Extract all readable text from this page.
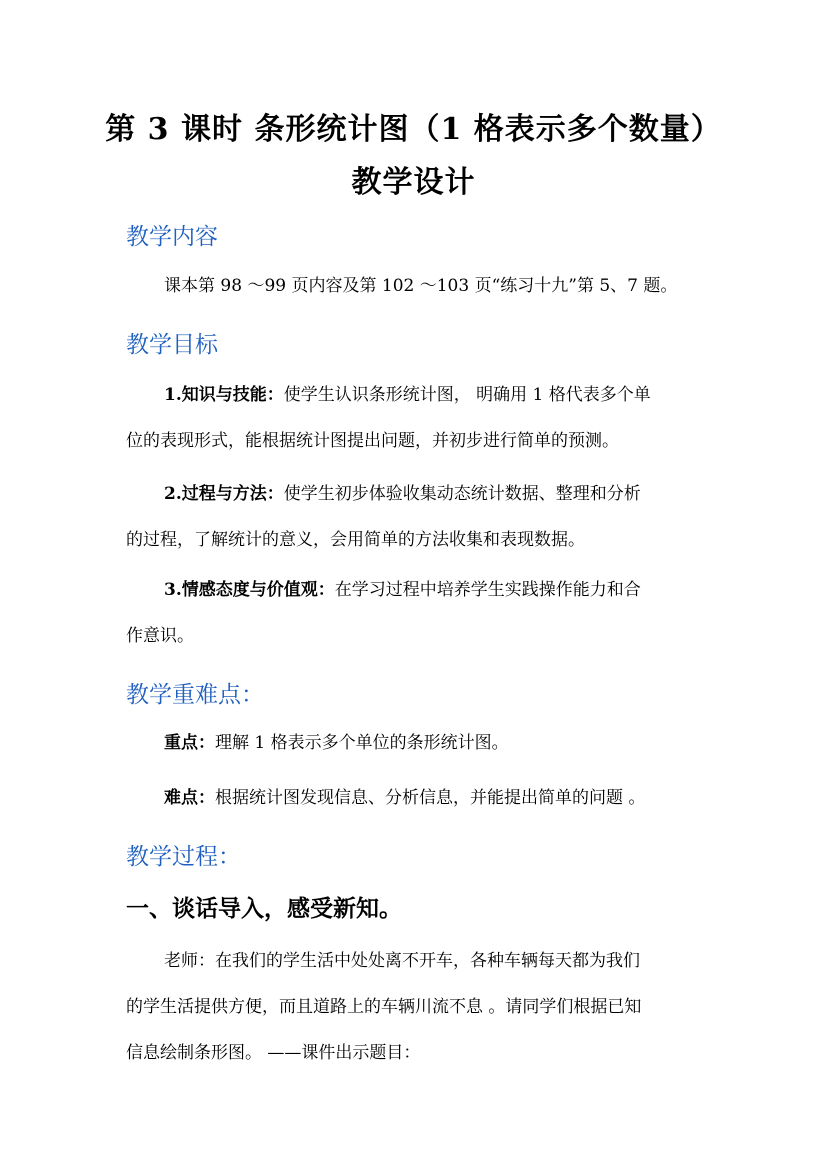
第 3 课时 条形统计图（1 格表示多个数量）
教学设计
教学内容
课本第 98 ～99 页内容及第 102 ～103 页“练习十九”第 5、7 题。
教学目标
1.知识与技能：使学生认识条形统计图， 明确用 1 格代表多个单
位的表现形式，能根据统计图提出问题，并初步进行简单的预测。
2.过程与方法：使学生初步体验收集动态统计数据、整理和分析
的过程，了解统计的意义，会用简单的方法收集和表现数据。
3.情感态度与价值观：在学习过程中培养学生实践操作能力和合
作意识。
教学重难点：
重点：理解 1 格表示多个单位的条形统计图。
难点：根据统计图发现信息、分析信息，并能提出简单的问题 。
教学过程：
一、谈话导入，感受新知。
老师：在我们的学生活中处处离不开车，各种车辆每天都为我们
的学生活提供方便，而且道路上的车辆川流不息 。请同学们根据已知
信息绘制条形图。 ——课件出示题目：
